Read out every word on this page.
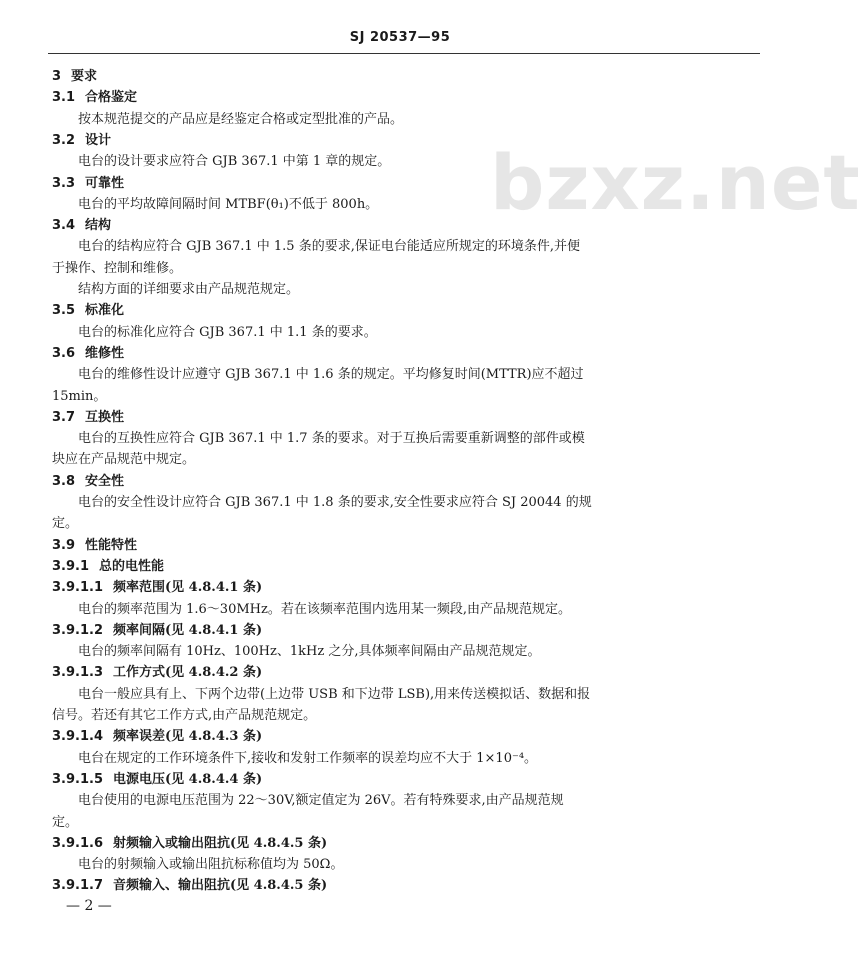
SJ 20537—95
bzxz.net
3 要求
3.1 合格鉴定
按本规范提交的产品应是经鉴定合格或定型批准的产品。
3.2 设计
电台的设计要求应符合 GJB 367.1 中第 1 章的规定。
3.3 可靠性
电台的平均故障间隔时间 MTBF(θ₁)不低于 800h。
3.4 结构
电台的结构应符合 GJB 367.1 中 1.5 条的要求,保证电台能适应所规定的环境条件,并便
于操作、控制和维修。
结构方面的详细要求由产品规范规定。
3.5 标准化
电台的标准化应符合 GJB 367.1 中 1.1 条的要求。
3.6 维修性
电台的维修性设计应遵守 GJB 367.1 中 1.6 条的规定。平均修复时间(MTTR)应不超过
15min。
3.7 互换性
电台的互换性应符合 GJB 367.1 中 1.7 条的要求。对于互换后需要重新调整的部件或模
块应在产品规范中规定。
3.8 安全性
电台的安全性设计应符合 GJB 367.1 中 1.8 条的要求,安全性要求应符合 SJ 20044 的规
定。
3.9 性能特性
3.9.1 总的电性能
3.9.1.1 频率范围(见 4.8.4.1 条)
电台的频率范围为 1.6～30MHz。若在该频率范围内选用某一频段,由产品规范规定。
3.9.1.2 频率间隔(见 4.8.4.1 条)
电台的频率间隔有 10Hz、100Hz、1kHz 之分,具体频率间隔由产品规范规定。
3.9.1.3 工作方式(见 4.8.4.2 条)
电台一般应具有上、下两个边带(上边带 USB 和下边带 LSB),用来传送模拟话、数据和报
信号。若还有其它工作方式,由产品规范规定。
3.9.1.4 频率误差(见 4.8.4.3 条)
电台在规定的工作环境条件下,接收和发射工作频率的误差均应不大于 1×10⁻⁴。
3.9.1.5 电源电压(见 4.8.4.4 条)
电台使用的电源电压范围为 22～30V,额定值定为 26V。若有特殊要求,由产品规范规
定。
3.9.1.6 射频输入或输出阻抗(见 4.8.4.5 条)
电台的射频输入或输出阻抗标称值均为 50Ω。
3.9.1.7 音频输入、输出阻抗(见 4.8.4.5 条)
— 2 —
